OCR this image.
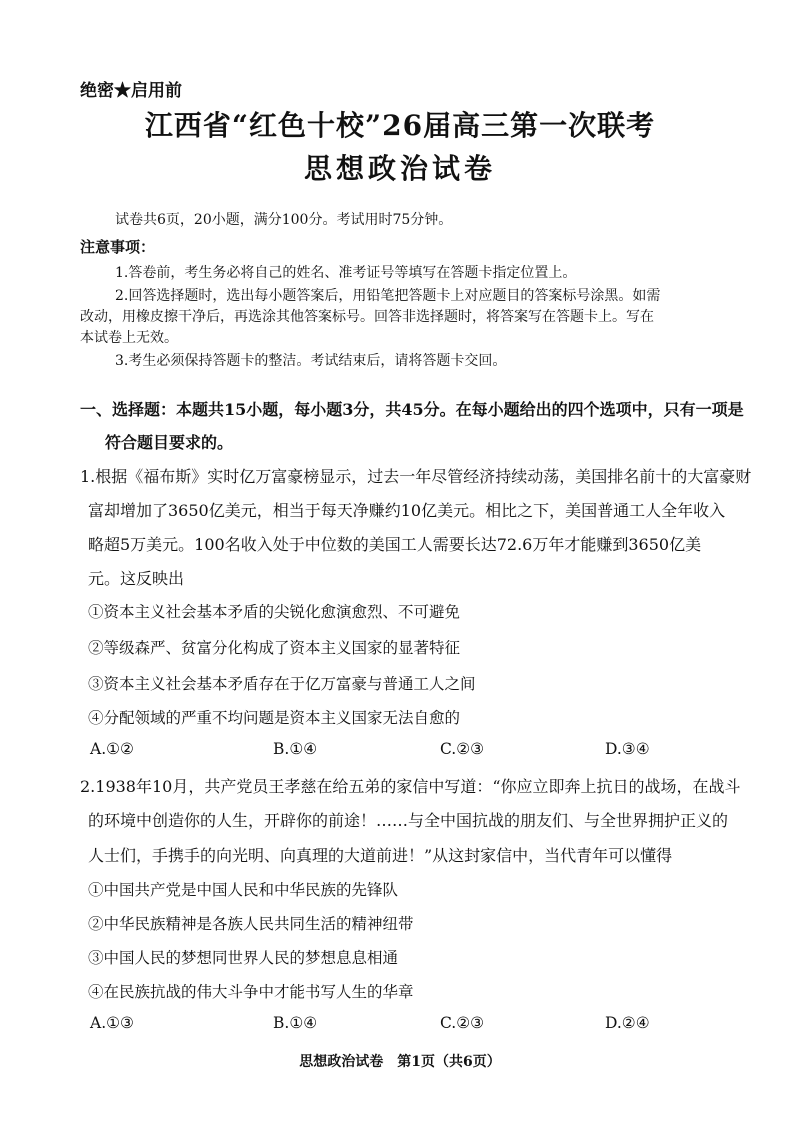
绝密★启用前
江西省“红色十校”26届高三第一次联考
思想政治试卷
试卷共6页，20小题，满分100分。考试用时75分钟。
注意事项：
1.答卷前，考生务必将自己的姓名、准考证号等填写在答题卡指定位置上。
2.回答选择题时，选出每小题答案后，用铅笔把答题卡上对应题目的答案标号涂黑。如需
改动，用橡皮擦干净后，再选涂其他答案标号。回答非选择题时，将答案写在答题卡上。写在
本试卷上无效。
3.考生必须保持答题卡的整洁。考试结束后，请将答题卡交回。
一、选择题：本题共15小题，每小题3分，共45分。在每小题给出的四个选项中，只有一项是
符合题目要求的。
1.根据《福布斯》实时亿万富豪榜显示，过去一年尽管经济持续动荡，美国排名前十的大富豪财
富却增加了3650亿美元，相当于每天净赚约10亿美元。相比之下，美国普通工人全年收入
略超5万美元。100名收入处于中位数的美国工人需要长达72.6万年才能赚到3650亿美
元。这反映出
①资本主义社会基本矛盾的尖锐化愈演愈烈、不可避免
②等级森严、贫富分化构成了资本主义国家的显著特征
③资本主义社会基本矛盾存在于亿万富豪与普通工人之间
④分配领域的严重不均问题是资本主义国家无法自愈的
A.①②	B.①④	C.②③	D.③④
2.1938年10月，共产党员王孝慈在给五弟的家信中写道：“你应立即奔上抗日的战场，在战斗
的环境中创造你的人生，开辟你的前途！……与全中国抗战的朋友们、与全世界拥护正义的
人士们，手携手的向光明、向真理的大道前进！”从这封家信中，当代青年可以懂得
①中国共产党是中国人民和中华民族的先锋队
②中华民族精神是各族人民共同生活的精神纽带
③中国人民的梦想同世界人民的梦想息息相通
④在民族抗战的伟大斗争中才能书写人生的华章
A.①③	B.①④	C.②③	D.②④
思想政治试卷　第1页（共6页）
